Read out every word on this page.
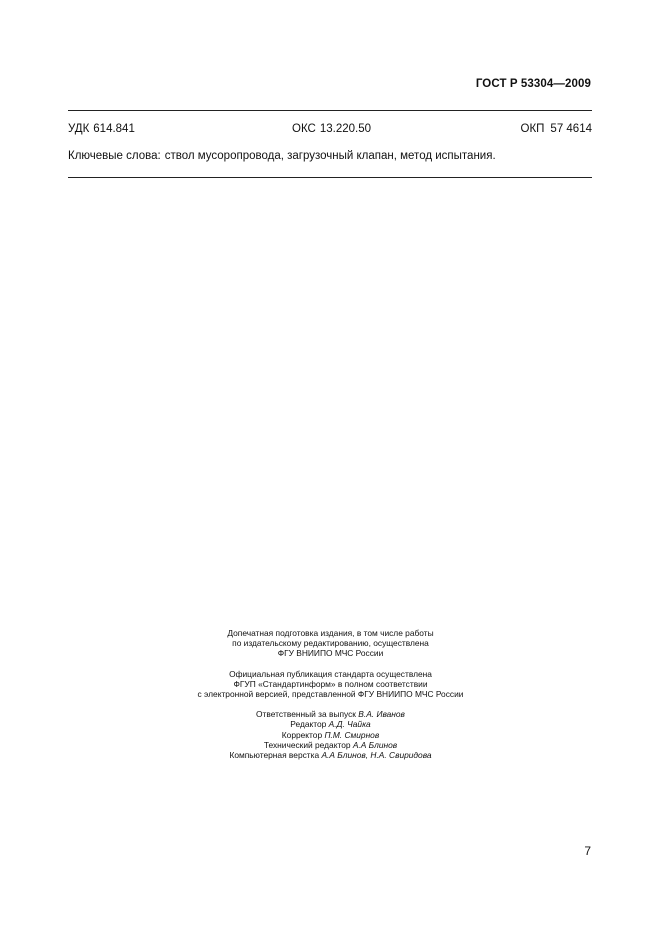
ГОСТ Р 53304—2009
УДК 614.841	ОКС 13.220.50	ОКП 57 4614
Ключевые слова: ствол мусоропровода, загрузочный клапан, метод испытания.

Допечатная подготовка издания, в том числе работы

по издательскому редактированию, осуществлена

ФГУ ВНИИПО МЧС России

Официальная публикация стандарта осуществлена

ФГУП «Стандартинформ» в полном соответствии

с электронной версией, представленной ФГУ ВНИИПО МЧС России

Ответственный за выпуск В.А. Иванов

Редактор А.Д. Чайка

Корректор П.М. Смирнов

Технический редактор А.А Блинов

Компьютерная верстка А.А Блинов, Н.А. Свиридова

7
